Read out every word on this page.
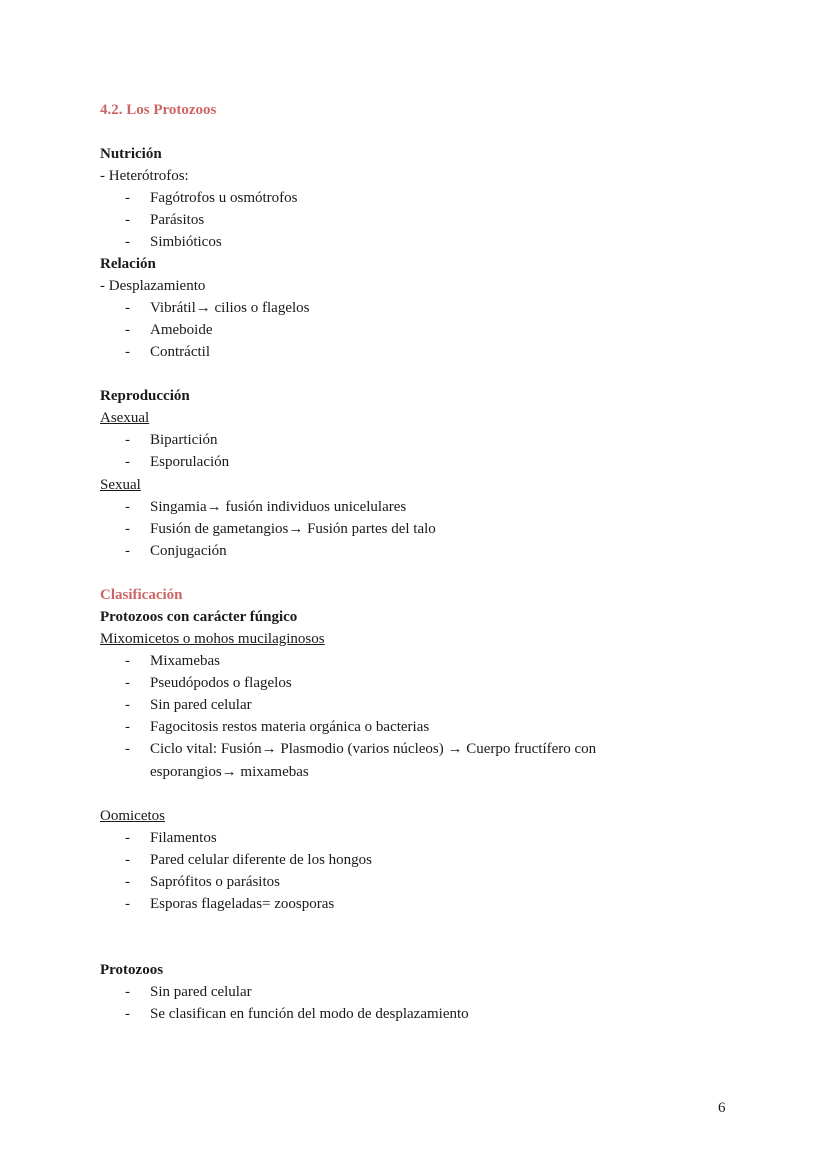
4.2. Los Protozoos
Nutrición
- Heterótrofos:
-	Fagótrofos u osmótrofos
-	Parásitos
-	Simbióticos
Relación
- Desplazamiento
-	Vibrátil→ cilios o flagelos
-	Ameboide
-	Contráctil
Reproducción
Asexual
-	Bipartición
-	Esporulación
Sexual
-	Singamia→ fusión individuos unicelulares
-	Fusión de gametangios→ Fusión partes del talo
-	Conjugación
Clasificación
Protozoos con carácter fúngico
Mixomicetos o mohos mucilaginosos
-	Mixamebas
-	Pseudópodos o flagelos
-	Sin pared celular
-	Fagocitosis restos materia orgánica o bacterias
-	Ciclo vital: Fusión→ Plasmodio (varios núcleos) → Cuerpo fructífero con
esporangios→ mixamebas
Oomicetos
-	Filamentos
-	Pared celular diferente de los hongos
-	Saprófitos o parásitos
-	Esporas flageladas= zoosporas
Protozoos
-	Sin pared celular
-	Se clasifican en función del modo de desplazamiento
6
